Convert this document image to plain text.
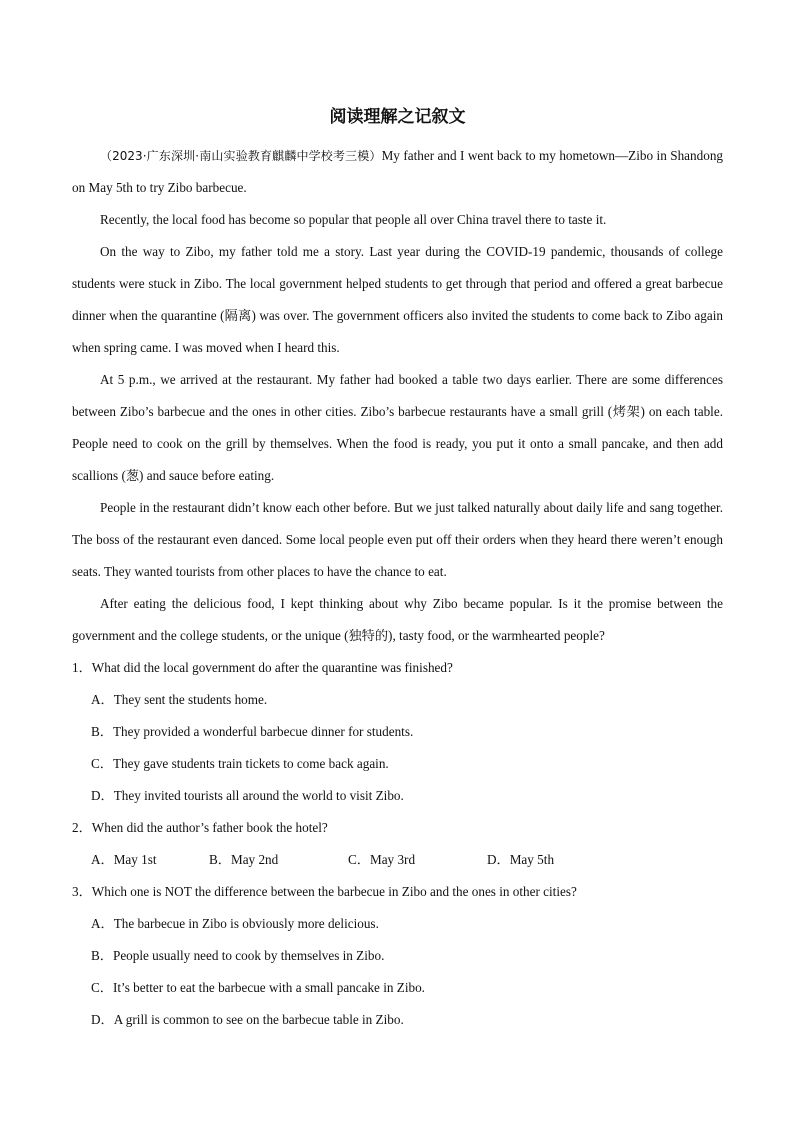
阅读理解之记叙文

（2023·广东深圳·南山实验教育麒麟中学校考三模）My father and I went back to my hometown—Zibo in Shandong on May 5th to try Zibo barbecue.

Recently, the local food has become so popular that people all over China travel there to taste it.

On the way to Zibo, my father told me a story. Last year during the COVID-19 pandemic, thousands of college students were stuck in Zibo. The local government helped students to get through that period and offered a great barbecue dinner when the quarantine (隔离) was over. The government officers also invited the students to come back to Zibo again when spring came. I was moved when I heard this.

At 5 p.m., we arrived at the restaurant. My father had booked a table two days earlier. There are some differences between Zibo’s barbecue and the ones in other cities. Zibo’s barbecue restaurants have a small grill (烤架) on each table. People need to cook on the grill by themselves. When the food is ready, you put it onto a small pancake, and then add scallions (葱) and sauce before eating.

People in the restaurant didn’t know each other before. But we just talked naturally about daily life and sang together. The boss of the restaurant even danced. Some local people even put off their orders when they heard there weren’t enough seats. They wanted tourists from other places to have the chance to eat.

After eating the delicious food, I kept thinking about why Zibo became popular. Is it the promise between the government and the college students, or the unique (独特的), tasty food, or the warmhearted people?

1．What did the local government do after the quarantine was finished?

A．They sent the students home.

B．They provided a wonderful barbecue dinner for students.

C．They gave students train tickets to come back again.

D．They invited tourists all around the world to visit Zibo.

2．When did the author’s father book the hotel?

A．May 1st	B．May 2nd	C．May 3rd	D．May 5th

3．Which one is NOT the difference between the barbecue in Zibo and the ones in other cities?

A．The barbecue in Zibo is obviously more delicious.

B．People usually need to cook by themselves in Zibo.

C．It’s better to eat the barbecue with a small pancake in Zibo.

D．A grill is common to see on the barbecue table in Zibo.
